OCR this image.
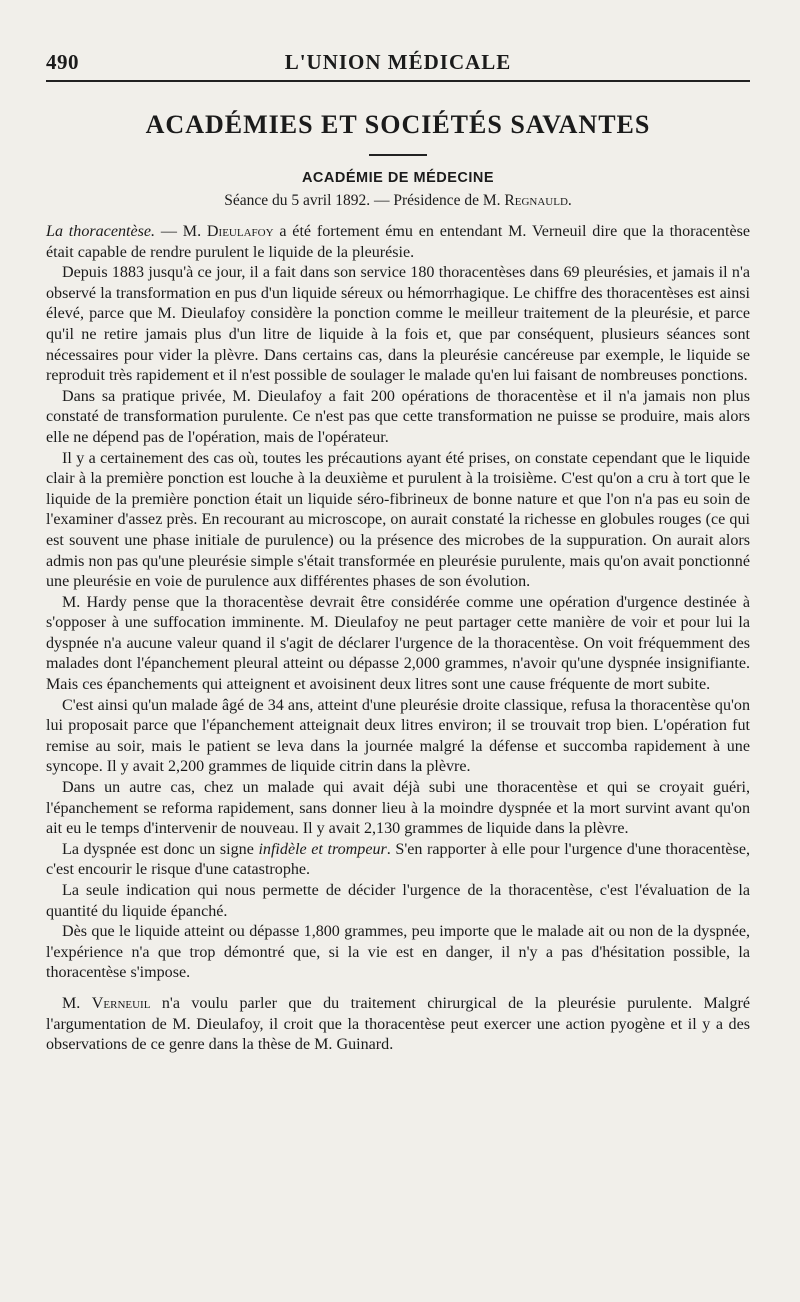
490	L'UNION MÉDICALE
ACADÉMIES ET SOCIÉTÉS SAVANTES
ACADÉMIE DE MÉDECINE
Séance du 5 avril 1892. — Présidence de M. Regnauld.

La thoracentèse. — M. Dieulafoy a été fortement ému en entendant M. Verneuil dire que la thoracentèse était capable de rendre purulent le liquide de la pleurésie.

Depuis 1883 jusqu'à ce jour, il a fait dans son service 180 thoracentèses dans 69 pleurésies, et jamais il n'a observé la transformation en pus d'un liquide séreux ou hémorrhagique. Le chiffre des thoracentèses est ainsi élevé, parce que M. Dieulafoy considère la ponction comme le meilleur traitement de la pleurésie, et parce qu'il ne retire jamais plus d'un litre de liquide à la fois et, que par conséquent, plusieurs séances sont nécessaires pour vider la plèvre. Dans certains cas, dans la pleurésie cancéreuse par exemple, le liquide se reproduit très rapidement et il n'est possible de soulager le malade qu'en lui faisant de nombreuses ponctions.

Dans sa pratique privée, M. Dieulafoy a fait 200 opérations de thoracentèse et il n'a jamais non plus constaté de transformation purulente. Ce n'est pas que cette transformation ne puisse se produire, mais alors elle ne dépend pas de l'opération, mais de l'opérateur.

Il y a certainement des cas où, toutes les précautions ayant été prises, on constate cependant que le liquide clair à la première ponction est louche à la deuxième et purulent à la troisième. C'est qu'on a cru à tort que le liquide de la première ponction était un liquide séro-fibrineux de bonne nature et que l'on n'a pas eu soin de l'examiner d'assez près. En recourant au microscope, on aurait constaté la richesse en globules rouges (ce qui est souvent une phase initiale de purulence) ou la présence des microbes de la suppuration. On aurait alors admis non pas qu'une pleurésie simple s'était transformée en pleurésie purulente, mais qu'on avait ponctionné une pleurésie en voie de purulence aux différentes phases de son évolution.

M. Hardy pense que la thoracentèse devrait être considérée comme une opération d'urgence destinée à s'opposer à une suffocation imminente. M. Dieulafoy ne peut partager cette manière de voir et pour lui la dyspnée n'a aucune valeur quand il s'agit de déclarer l'urgence de la thoracentèse. On voit fréquemment des malades dont l'épanchement pleural atteint ou dépasse 2,000 grammes, n'avoir qu'une dyspnée insignifiante. Mais ces épanchements qui atteignent et avoisinent deux litres sont une cause fréquente de mort subite.

C'est ainsi qu'un malade âgé de 34 ans, atteint d'une pleurésie droite classique, refusa la thoracentèse qu'on lui proposait parce que l'épanchement atteignait deux litres environ; il se trouvait trop bien. L'opération fut remise au soir, mais le patient se leva dans la journée malgré la défense et succomba rapidement à une syncope. Il y avait 2,200 grammes de liquide citrin dans la plèvre.

Dans un autre cas, chez un malade qui avait déjà subi une thoracentèse et qui se croyait guéri, l'épanchement se reforma rapidement, sans donner lieu à la moindre dyspnée et la mort survint avant qu'on ait eu le temps d'intervenir de nouveau. Il y avait 2,130 grammes de liquide dans la plèvre.

La dyspnée est donc un signe infidèle et trompeur. S'en rapporter à elle pour l'urgence d'une thoracentèse, c'est encourir le risque d'une catastrophe.

La seule indication qui nous permette de décider l'urgence de la thoracentèse, c'est l'évaluation de la quantité du liquide épanché.

Dès que le liquide atteint ou dépasse 1,800 grammes, peu importe que le malade ait ou non de la dyspnée, l'expérience n'a que trop démontré que, si la vie est en danger, il n'y a pas d'hésitation possible, la thoracentèse s'impose.

M. Verneuil n'a voulu parler que du traitement chirurgical de la pleurésie purulente. Malgré l'argumentation de M. Dieulafoy, il croit que la thoracentèse peut exercer une action pyogène et il y a des observations de ce genre dans la thèse de M. Guinard.
